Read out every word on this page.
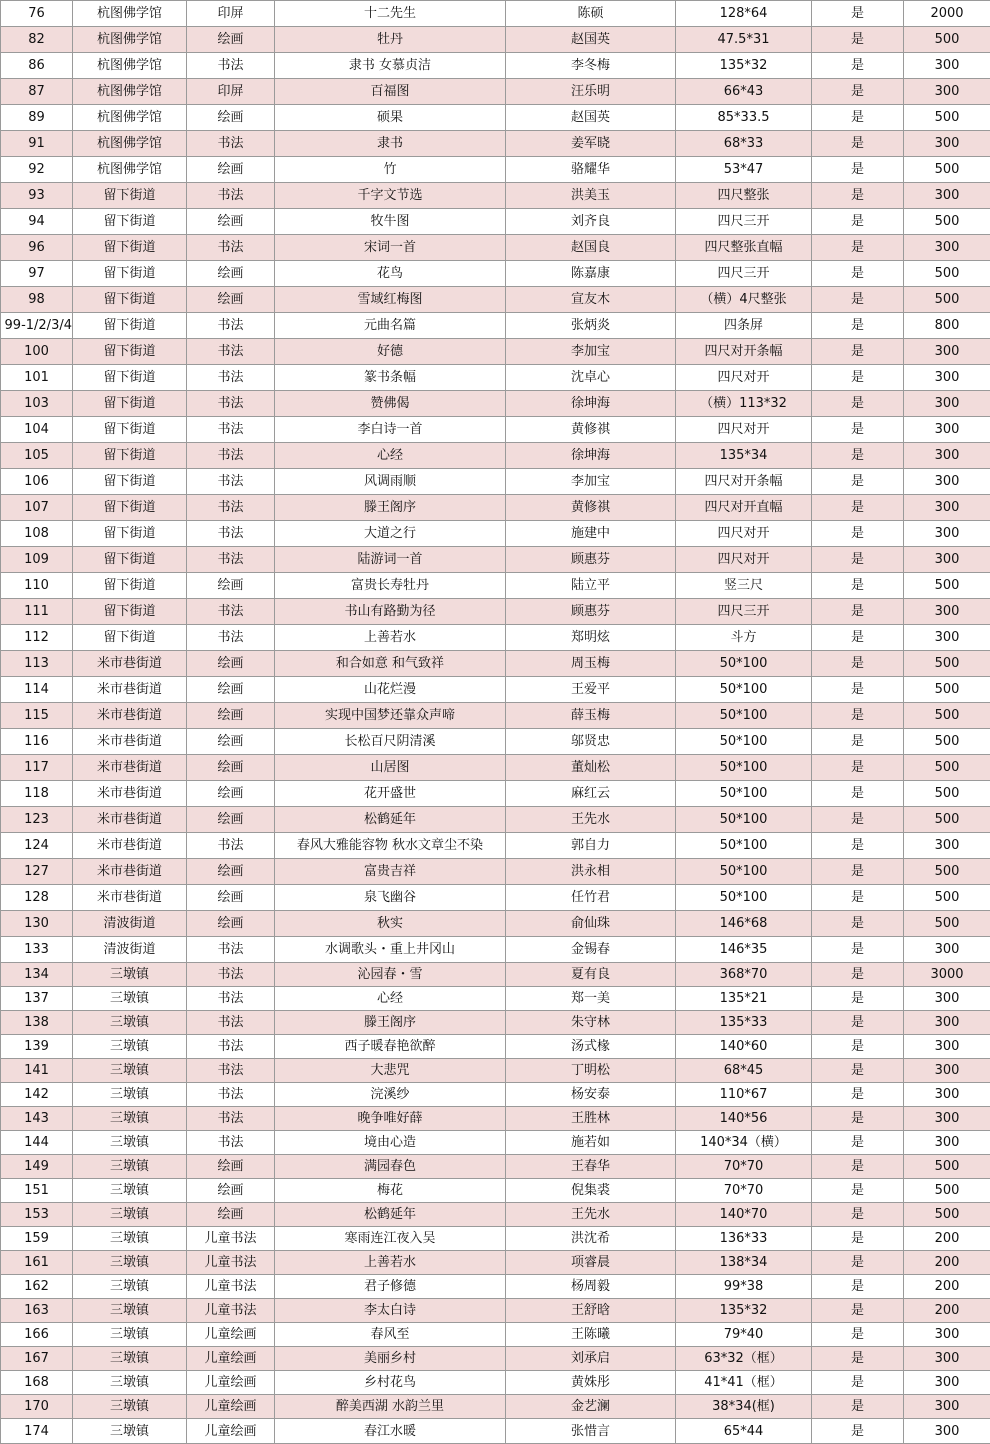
76	杭图佛学馆	印屏	十二先生	陈硕	128*64	是	2000
82	杭图佛学馆	绘画	牡丹	赵国英	47.5*31	是	500
86	杭图佛学馆	书法	隶书 女慕贞洁	李冬梅	135*32	是	300
87	杭图佛学馆	印屏	百福图	汪乐明	66*43	是	300
89	杭图佛学馆	绘画	硕果	赵国英	85*33.5	是	500
91	杭图佛学馆	书法	隶书	姜军晓	68*33	是	300
92	杭图佛学馆	绘画	竹	骆耀华	53*47	是	500
93	留下街道	书法	千字文节选	洪美玉	四尺整张	是	300
94	留下街道	绘画	牧牛图	刘齐良	四尺三开	是	500
96	留下街道	书法	宋词一首	赵国良	四尺整张直幅	是	300
97	留下街道	绘画	花鸟	陈嘉康	四尺三开	是	500
98	留下街道	绘画	雪域红梅图	宣友木	（横）4尺整张	是	500
99-1/2/3/4	留下街道	书法	元曲名篇	张炳炎	四条屏	是	800
100	留下街道	书法	好德	李加宝	四尺对开条幅	是	300
101	留下街道	书法	篆书条幅	沈卓心	四尺对开	是	300
103	留下街道	书法	赞佛偈	徐坤海	（横）113*32	是	300
104	留下街道	书法	李白诗一首	黄修祺	四尺对开	是	300
105	留下街道	书法	心经	徐坤海	135*34	是	300
106	留下街道	书法	风调雨顺	李加宝	四尺对开条幅	是	300
107	留下街道	书法	滕王阁序	黄修祺	四尺对开直幅	是	300
108	留下街道	书法	大道之行	施建中	四尺对开	是	300
109	留下街道	书法	陆游词一首	顾惠芬	四尺对开	是	300
110	留下街道	绘画	富贵长寿牡丹	陆立平	竖三尺	是	500
111	留下街道	书法	书山有路勤为径	顾惠芬	四尺三开	是	300
112	留下街道	书法	上善若水	郑明炫	斗方	是	300
113	米市巷街道	绘画	和合如意 和气致祥	周玉梅	50*100	是	500
114	米市巷街道	绘画	山花烂漫	王爱平	50*100	是	500
115	米市巷街道	绘画	实现中国梦还靠众声啼	薛玉梅	50*100	是	500
116	米市巷街道	绘画	长松百尺阴清溪	邬贤忠	50*100	是	500
117	米市巷街道	绘画	山居图	董灿松	50*100	是	500
118	米市巷街道	绘画	花开盛世	麻红云	50*100	是	500
123	米市巷街道	绘画	松鹤延年	王先水	50*100	是	500
124	米市巷街道	书法	春风大雅能容物 秋水文章尘不染	郭自力	50*100	是	300
127	米市巷街道	绘画	富贵吉祥	洪永相	50*100	是	500
128	米市巷街道	绘画	泉飞幽谷	任竹君	50*100	是	500
130	清波街道	绘画	秋实	俞仙珠	146*68	是	500
133	清波街道	书法	水调歌头・重上井冈山	金锡春	146*35	是	300
134	三墩镇	书法	沁园春・雪	夏有良	368*70	是	3000
137	三墩镇	书法	心经	郑一美	135*21	是	300
138	三墩镇	书法	滕王阁序	朱守林	135*33	是	300
139	三墩镇	书法	西子暖春艳欲醉	汤式椽	140*60	是	300
141	三墩镇	书法	大悲咒	丁明松	68*45	是	300
142	三墩镇	书法	浣溪纱	杨安泰	110*67	是	300
143	三墩镇	书法	晚争唯好薛	王胜林	140*56	是	300
144	三墩镇	书法	境由心造	施若如	140*34（横）	是	300
149	三墩镇	绘画	满园春色	王春华	70*70	是	500
151	三墩镇	绘画	梅花	倪集裘	70*70	是	500
153	三墩镇	绘画	松鹤延年	王先水	140*70	是	500
159	三墩镇	儿童书法	寒雨连江夜入吴	洪沈希	136*33	是	200
161	三墩镇	儿童书法	上善若水	项睿晨	138*34	是	200
162	三墩镇	儿童书法	君子修德	杨周毅	99*38	是	200
163	三墩镇	儿童书法	李太白诗	王舒晗	135*32	是	200
166	三墩镇	儿童绘画	春风至	王陈曦	79*40	是	300
167	三墩镇	儿童绘画	美丽乡村	刘承启	63*32（框）	是	300
168	三墩镇	儿童绘画	乡村花鸟	黄姝彤	41*41（框）	是	300
170	三墩镇	儿童绘画	醉美西湖 水韵兰里	金艺澜	38*34(框)	是	300
174	三墩镇	儿童绘画	春江水暖	张惜言	65*44	是	300
